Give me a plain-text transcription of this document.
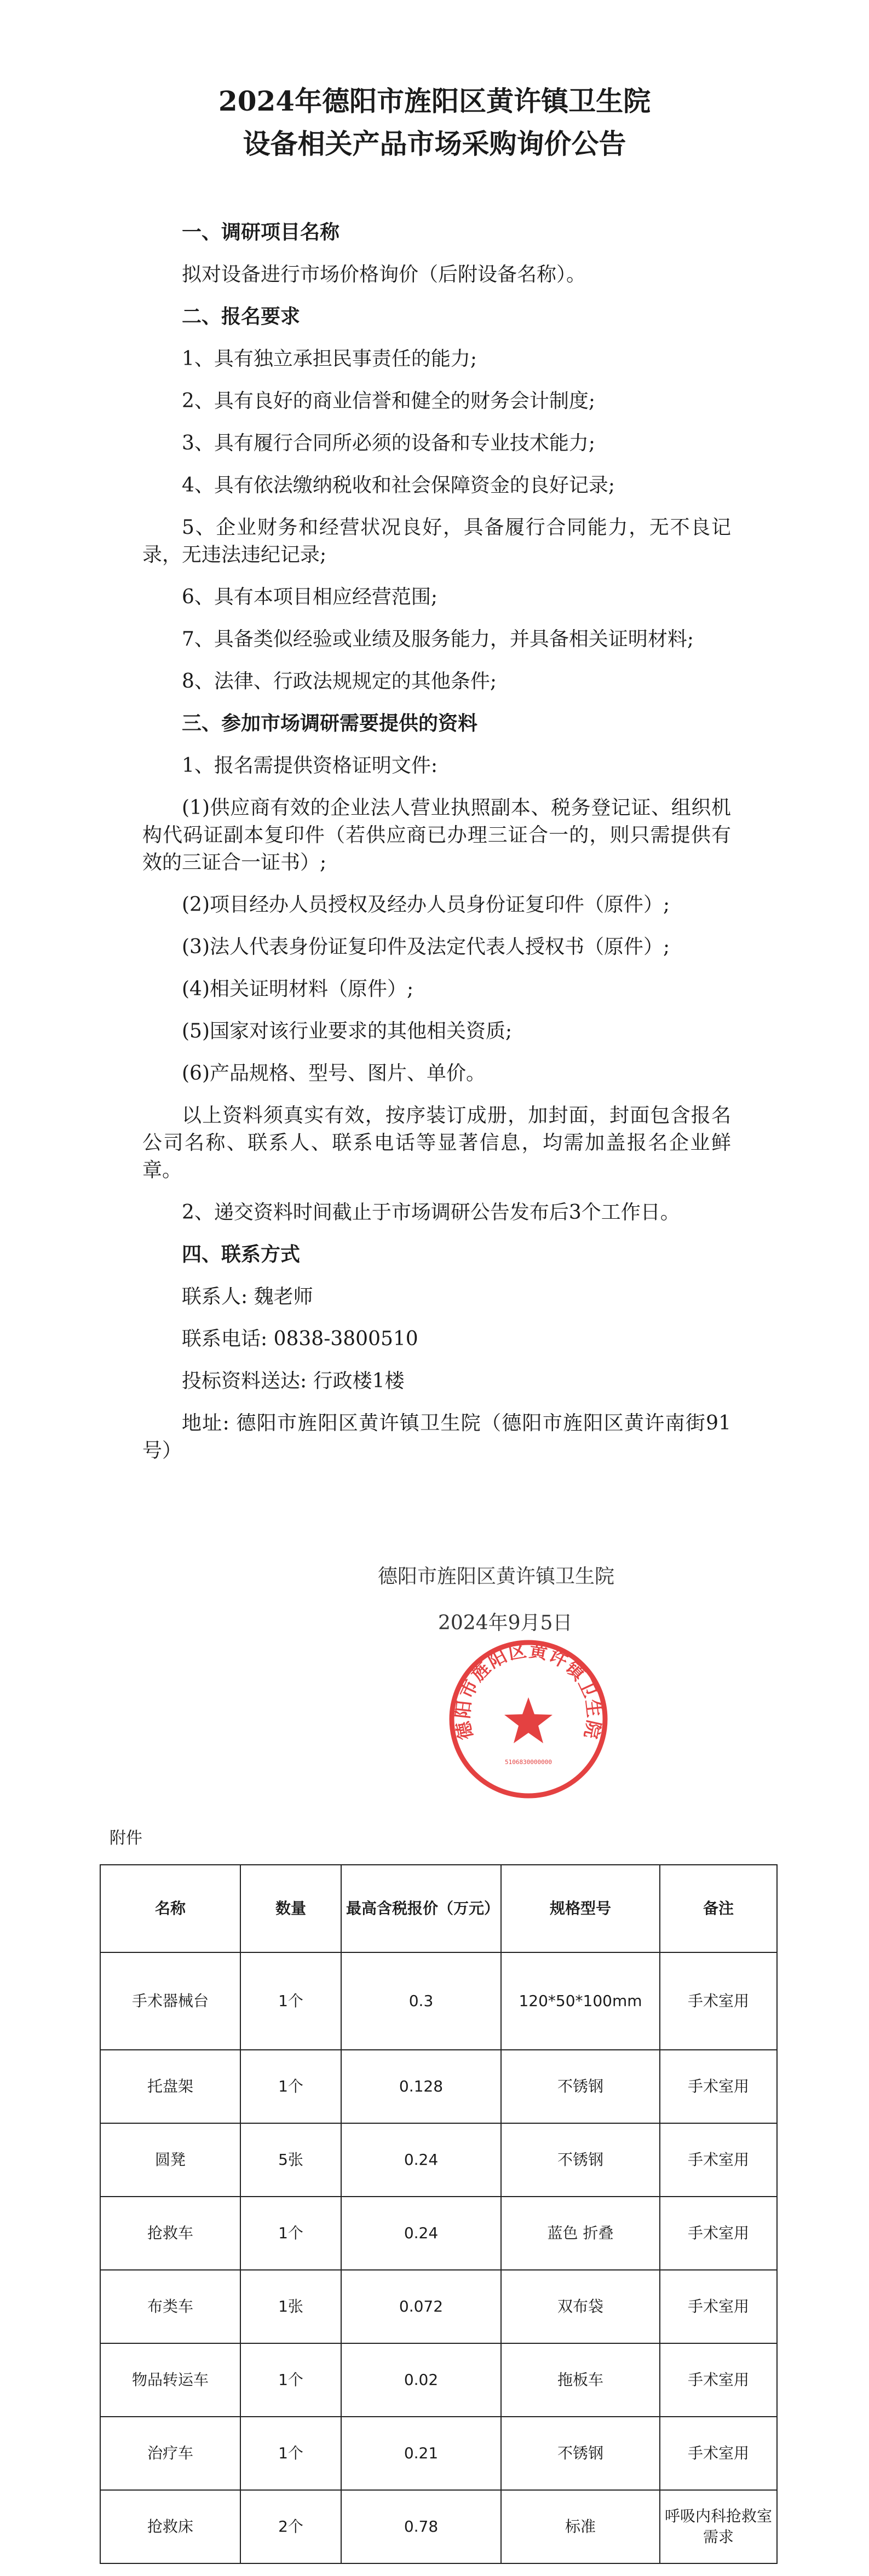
2024年德阳市旌阳区黄许镇卫生院
设备相关产品市场采购询价公告

一、调研项目名称

拟对设备进行市场价格询价（后附设备名称）。

二、报名要求

1、具有独立承担民事责任的能力;

2、具有良好的商业信誉和健全的财务会计制度;

3、具有履行合同所必须的设备和专业技术能力;

4、具有依法缴纳税收和社会保障资金的良好记录;

5、企业财务和经营状况良好，具备履行合同能力，无不良记录，无违法违纪记录;

6、具有本项目相应经营范围;

7、具备类似经验或业绩及服务能力，并具备相关证明材料;

8、法律、行政法规规定的其他条件;

三、参加市场调研需要提供的资料

1、报名需提供资格证明文件:

(1)供应商有效的企业法人营业执照副本、税务登记证、组织机构代码证副本复印件（若供应商已办理三证合一的，则只需提供有效的三证合一证书）;

(2)项目经办人员授权及经办人员身份证复印件（原件）;

(3)法人代表身份证复印件及法定代表人授权书（原件）;

(4)相关证明材料（原件）;

(5)国家对该行业要求的其他相关资质;

(6)产品规格、型号、图片、单价。

以上资料须真实有效，按序装订成册，加封面，封面包含报名公司名称、联系人、联系电话等显著信息，均需加盖报名企业鲜章。

2、递交资料时间截止于市场调研公告发布后3个工作日。

四、联系方式

联系人: 魏老师

联系电话: 0838-3800510

投标资料送达: 行政楼1楼

地址: 德阳市旌阳区黄许镇卫生院（德阳市旌阳区黄许南街91号）

德阳市旌阳区黄许镇卫生院

2024年9月5日

德阳市旌阳区黄许镇卫生院
5106830000000
附件
名称	数量	最高含税报价（万元）	规格型号	备注
手术器械台	1个	0.3	120*50*100mm	手术室用
托盘架	1个	0.128	不锈钢	手术室用
圆凳	5张	0.24	不锈钢	手术室用
抢救车	1个	0.24	蓝色 折叠	手术室用
布类车	1张	0.072	双布袋	手术室用
物品转运车	1个	0.02	拖板车	手术室用
治疗车	1个	0.21	不锈钢	手术室用
抢救床	2个	0.78	标准	呼吸内科抢救室需求
